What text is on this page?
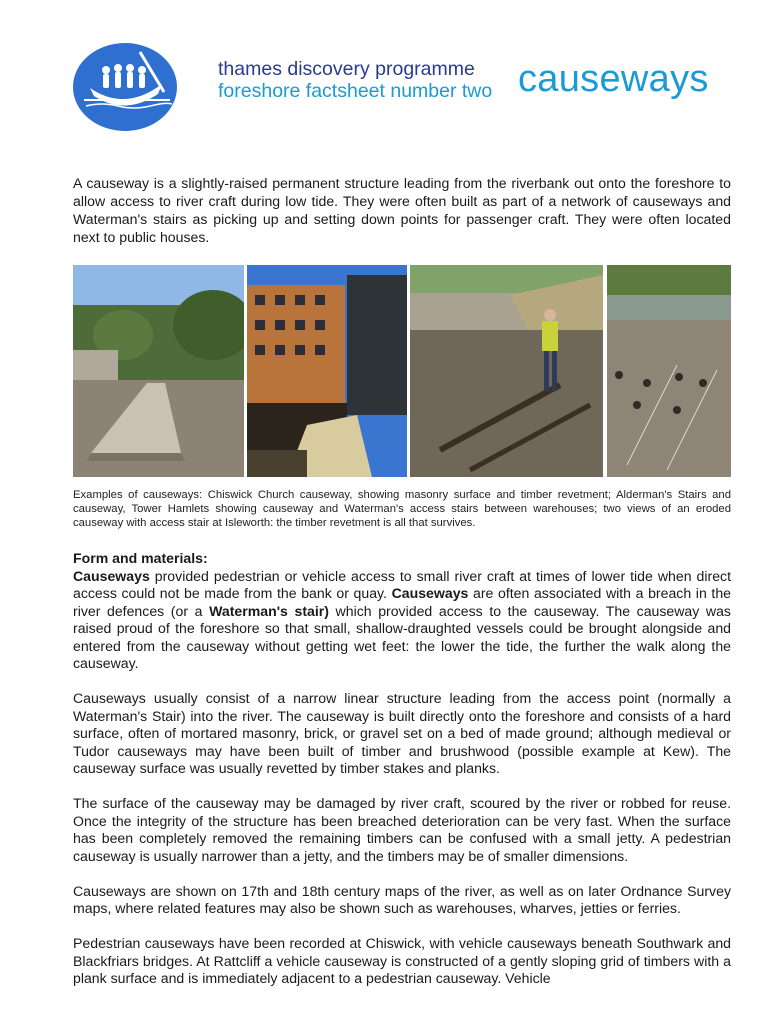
thames discovery programme
foreshore factsheet number two causeways
A causeway is a slightly-raised permanent structure leading from the riverbank out onto the foreshore to allow access to river craft during low tide. They were often built as part of a network of causeways and Waterman's stairs as picking up and setting down points for passenger craft. They were often located next to public houses.
Examples of causeways: Chiswick Church causeway, showing masonry surface and timber revetment; Alderman's Stairs and causeway, Tower Hamlets showing causeway and Waterman's access stairs between warehouses; two views of an eroded causeway with access stair at Isleworth: the timber revetment is all that survives.

Form and materials:
Causeways provided pedestrian or vehicle access to small river craft at times of lower tide when direct access could not be made from the bank or quay. Causeways are often associated with a breach in the river defences (or a Waterman's stair) which provided access to the causeway. The causeway was raised proud of the foreshore so that small, shallow-draughted vessels could be brought alongside and entered from the causeway without getting wet feet: the lower the tide, the further the walk along the causeway.

Causeways usually consist of a narrow linear structure leading from the access point (normally a Waterman's Stair) into the river. The causeway is built directly onto the foreshore and consists of a hard surface, often of mortared masonry, brick, or gravel set on a bed of made ground; although medieval or Tudor causeways may have been built of timber and brushwood (possible example at Kew). The causeway surface was usually revetted by timber stakes and planks.

The surface of the causeway may be damaged by river craft, scoured by the river or robbed for reuse. Once the integrity of the structure has been breached deterioration can be very fast. When the surface has been completely removed the remaining timbers can be confused with a small jetty. A pedestrian causeway is usually narrower than a jetty, and the timbers may be of smaller dimensions.

Causeways are shown on 17th and 18th century maps of the river, as well as on later Ordnance Survey maps, where related features may also be shown such as warehouses, wharves, jetties or ferries.

Pedestrian causeways have been recorded at Chiswick, with vehicle causeways beneath Southwark and Blackfriars bridges. At Rattcliff a vehicle causeway is constructed of a gently sloping grid of timbers with a plank surface and is immediately adjacent to a pedestrian causeway. Vehicle
